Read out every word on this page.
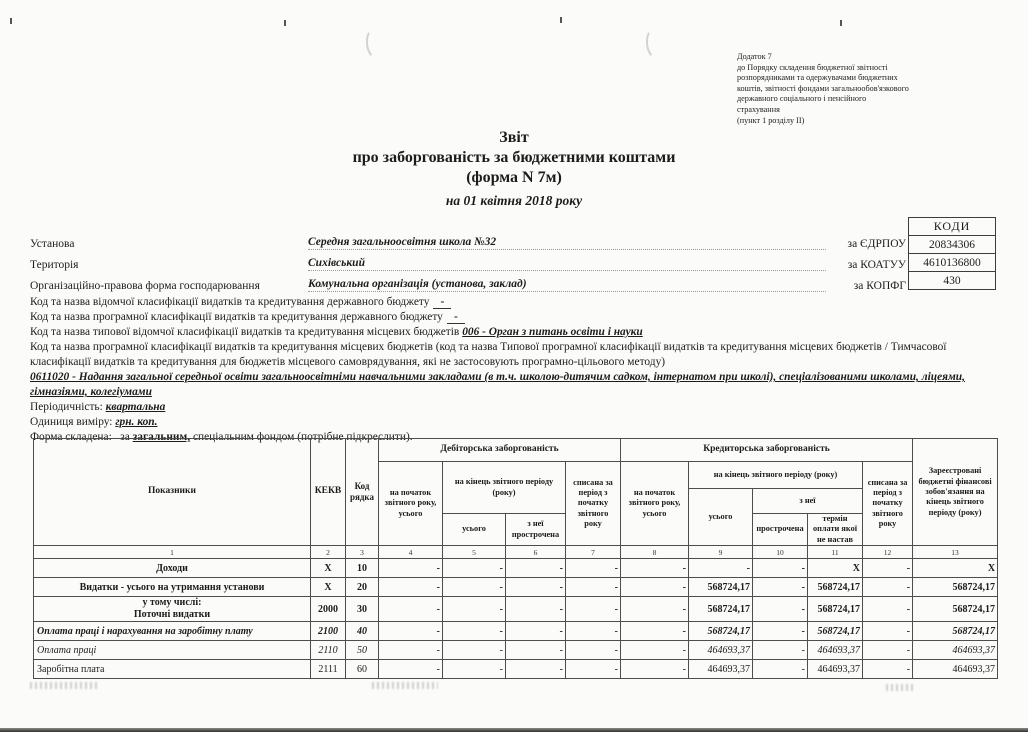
Додаток 7
до Порядку складення бюджетної звітності
розпорядниками та одержувачами бюджетних
коштів, звітності фондами загальнообов'язкового
державного соціального і пенсійного
страхування
(пункт 1 розділу ІІ)
Звіт
про заборгованість за бюджетними коштами
(форма N 7м)
на 01 квітня 2018 року
Установа	Середня загальноосвітня школа №32	за ЄДРПОУ
Територія	Сихівський	за КОАТУУ
Організаційно-правова форма господарювання	Комунальна організація (установа, заклад)	за КОПФГ
КОДИ
20834306
4610136800
430

Код та назва відомчої класифікації видатків та кредитування державного бюджету -

Код та назва програмної класифікації видатків та кредитування державного бюджету -

Код та назва типової відомчої класифікації видатків та кредитування місцевих бюджетів 006 - Орган з питань освіти і науки

Код та назва програмної класифікації видатків та кредитування місцевих бюджетів (код та назва Типової програмної класифікації видатків та кредитування місцевих бюджетів / Тимчасової класифікації видатків та кредитування для бюджетів місцевого самоврядування, які не застосовують програмно-цільового методу)

0611020 - Надання загальної середньої освіти загальноосвітніми навчальними закладами (в т.ч. школою-дитячим садком, інтернатом при школі), спеціалізованими школами, ліцеями, гімназіями, колегіумами

Періодичність: квартальна

Одиниця виміру: грн. коп.

Форма складена: за загальним, спеціальним фондом (потрібне підкреслити).

Показники	КЕКВ	Код рядка	Дебіторська заборгованість				Кредиторська заборгованість					Зареєстровані бюджетні фінансові зобов'язання на кінець звітного періоду (року)
			на початок звітного року, усього	на кінець звітного періоду (року)		списана за період з початку звітного року	на початок звітного року, усього	на кінець звітного періоду (року)			списана за період з початку звітного року	
								усього	з неї			
				усього	з неї прострочена				прострочена	термін оплати якої не настав		
1	2	3	4	5	6	7	8	9	10	11	12	13
Доходи	X	10	-	-	-	-	-	-	-	X	-	X
Видатки - усього на утримання установи	X	20	-	-	-	-	-	568724,17	-	568724,17	-	568724,17

у тому числі:
Поточні видатки	2000	30	-	-	-	-	-	568724,17	-	568724,17	-	568724,17
Оплата праці і нарахування на заробітну плату	2100	40	-	-	-	-	-	568724,17	-	568724,17	-	568724,17
Оплата праці	2110	50	-	-	-	-	-	464693,37	-	464693,37	-	464693,37
Заробітна плата	2111	60	-	-	-	-	-	464693,37	-	464693,37	-	464693,37
